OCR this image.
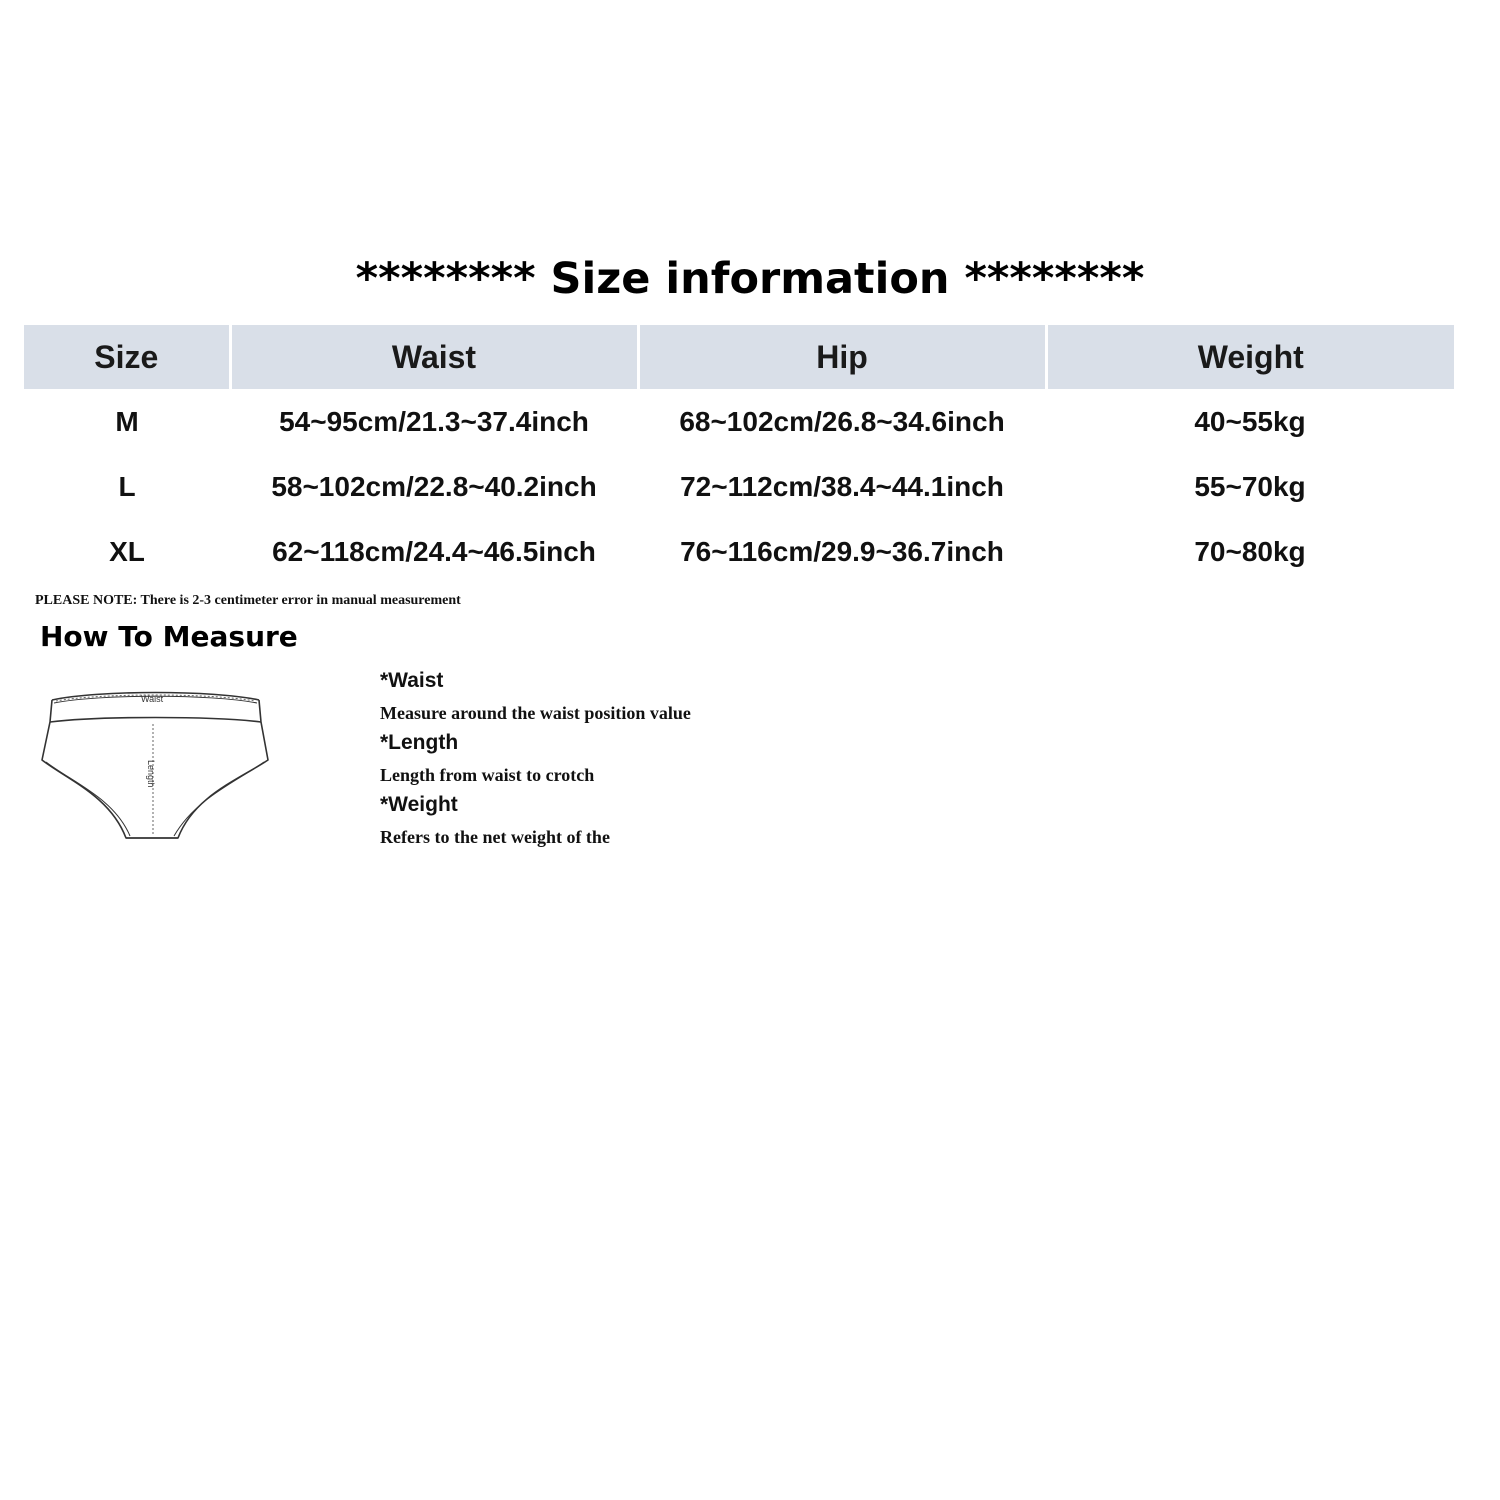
******** Size information ********
Size	Waist	Hip	Weight
M	54~95cm/21.3~37.4inch	68~102cm/26.8~34.6inch	40~55kg
L	58~102cm/22.8~40.2inch	72~112cm/38.4~44.1inch	55~70kg
XL	62~118cm/24.4~46.5inch	76~116cm/29.9~36.7inch	70~80kg
PLEASE NOTE: There is 2-3 centimeter error in manual measurement
How To Measure
Waist
Length
*Waist
Measure around the waist position value
*Length
Length from waist to crotch
*Weight
Refers to the net weight of the
